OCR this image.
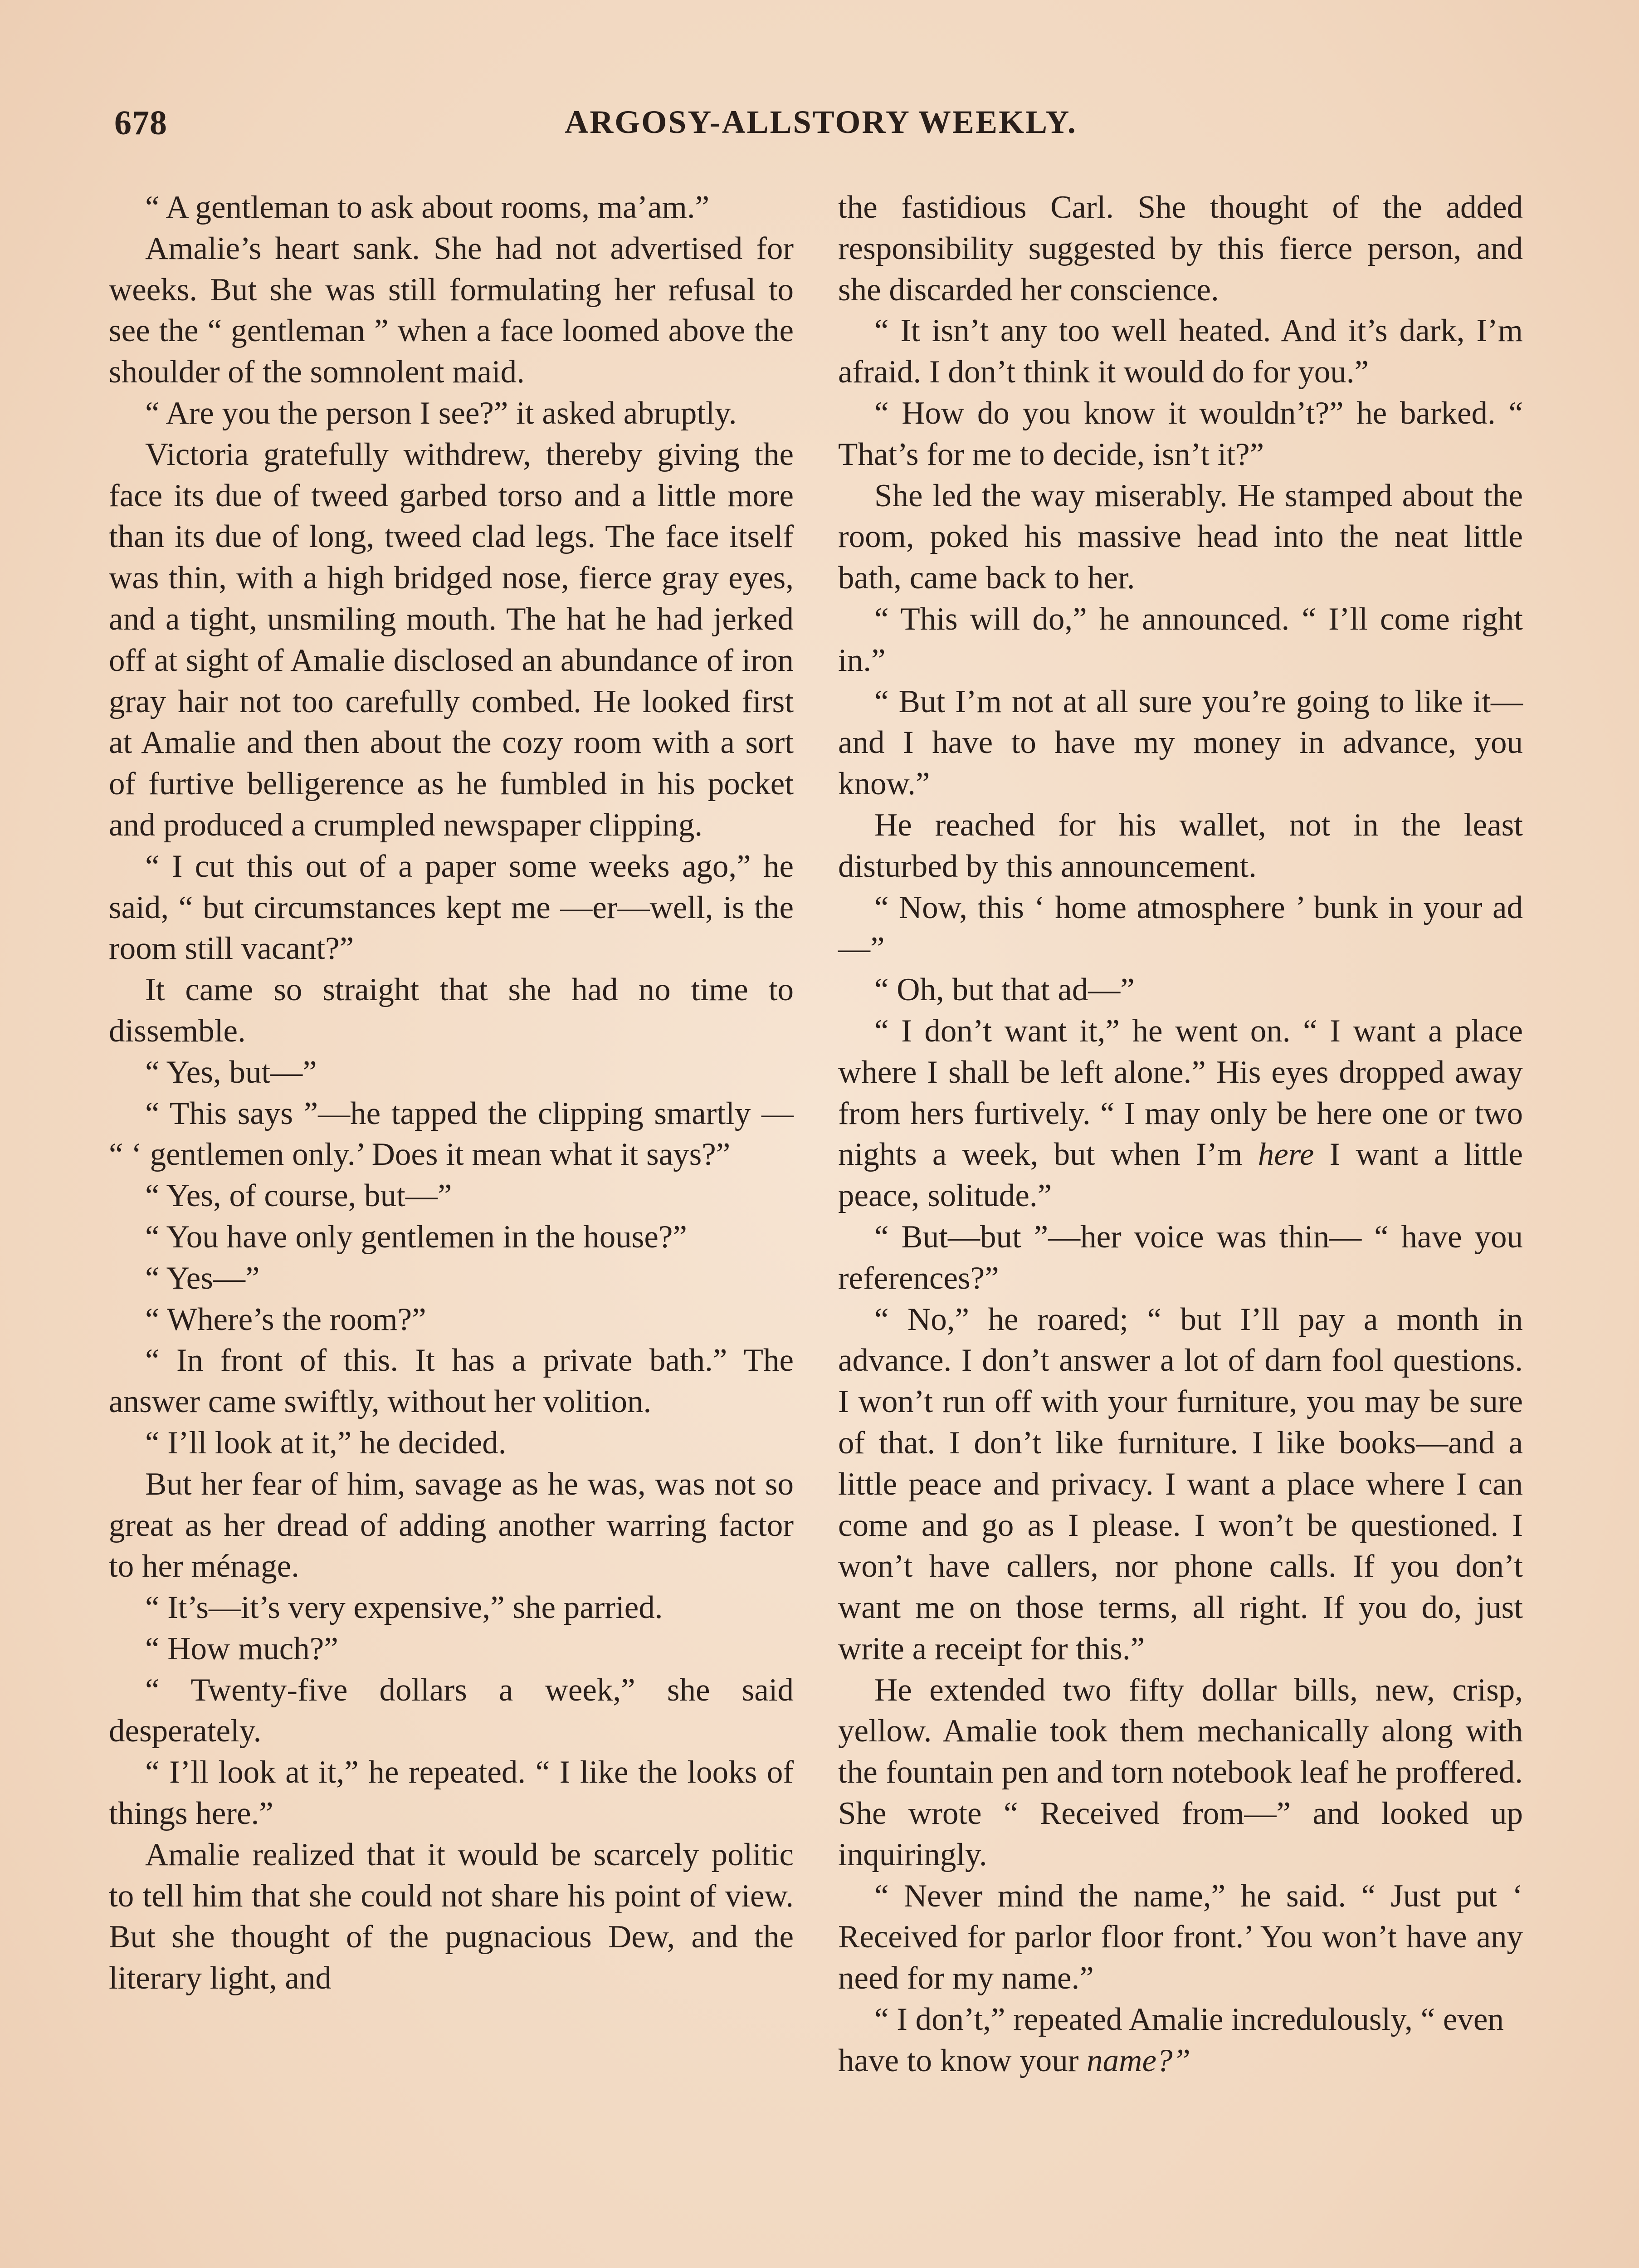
678	ARGOSY-ALLSTORY WEEKLY.

“ A gentleman to ask about rooms, ma’am.”

Amalie’s heart sank. She had not advertised for weeks. But she was still formulating her refusal to see the “ gentleman ” when a face loomed above the shoulder of the somnolent maid.

“ Are you the person I see?” it asked abruptly.

Victoria gratefully withdrew, thereby giving the face its due of tweed garbed torso and a little more than its due of long, tweed clad legs. The face itself was thin, with a high bridged nose, fierce gray eyes, and a tight, unsmiling mouth. The hat he had jerked off at sight of Amalie disclosed an abundance of iron gray hair not too carefully combed. He looked first at Amalie and then about the cozy room with a sort of furtive belligerence as he fumbled in his pocket and produced a crumpled newspaper clipping.

“ I cut this out of a paper some weeks ago,” he said, “ but circumstances kept me —er—well, is the room still vacant?”

It came so straight that she had no time to dissemble.

“ Yes, but—”

“ This says ”—he tapped the clipping smartly — “ ‘ gentlemen only.’ Does it mean what it says?”

“ Yes, of course, but—”

“ You have only gentlemen in the house?”

“ Yes—”

“ Where’s the room?”

“ In front of this. It has a private bath.” The answer came swiftly, without her volition.

“ I’ll look at it,” he decided.

But her fear of him, savage as he was, was not so great as her dread of adding another warring factor to her ménage.

“ It’s—it’s very expensive,” she parried.

“ How much?”

“ Twenty-five dollars a week,” she said desperately.

“ I’ll look at it,” he repeated. “ I like the looks of things here.”

Amalie realized that it would be scarcely politic to tell him that she could not share his point of view. But she thought of the pugnacious Dew, and the literary light, and

the fastidious Carl. She thought of the added responsibility suggested by this fierce person, and she discarded her conscience.

“ It isn’t any too well heated. And it’s dark, I’m afraid. I don’t think it would do for you.”

“ How do you know it wouldn’t?” he barked. “ That’s for me to decide, isn’t it?”

She led the way miserably. He stamped about the room, poked his massive head into the neat little bath, came back to her.

“ This will do,” he announced. “ I’ll come right in.”

“ But I’m not at all sure you’re going to like it—and I have to have my money in advance, you know.”

He reached for his wallet, not in the least disturbed by this announcement.

“ Now, this ‘ home atmosphere ’ bunk in your ad—”

“ Oh, but that ad—”

“ I don’t want it,” he went on. “ I want a place where I shall be left alone.” His eyes dropped away from hers furtively. “ I may only be here one or two nights a week, but when I’m here I want a little peace, solitude.”

“ But—but ”—her voice was thin— “ have you references?”

“ No,” he roared; “ but I’ll pay a month in advance. I don’t answer a lot of darn fool questions. I won’t run off with your furniture, you may be sure of that. I don’t like furniture. I like books—and a little peace and privacy. I want a place where I can come and go as I please. I won’t be questioned. I won’t have callers, nor phone calls. If you don’t want me on those terms, all right. If you do, just write a receipt for this.”

He extended two fifty dollar bills, new, crisp, yellow. Amalie took them mechanically along with the fountain pen and torn notebook leaf he proffered. She wrote “ Received from—” and looked up inquiringly.

“ Never mind the name,” he said. “ Just put ‘ Received for parlor floor front.’ You won’t have any need for my name.”

“ I don’t,” repeated Amalie incredulously, “ even have to know your name?”
